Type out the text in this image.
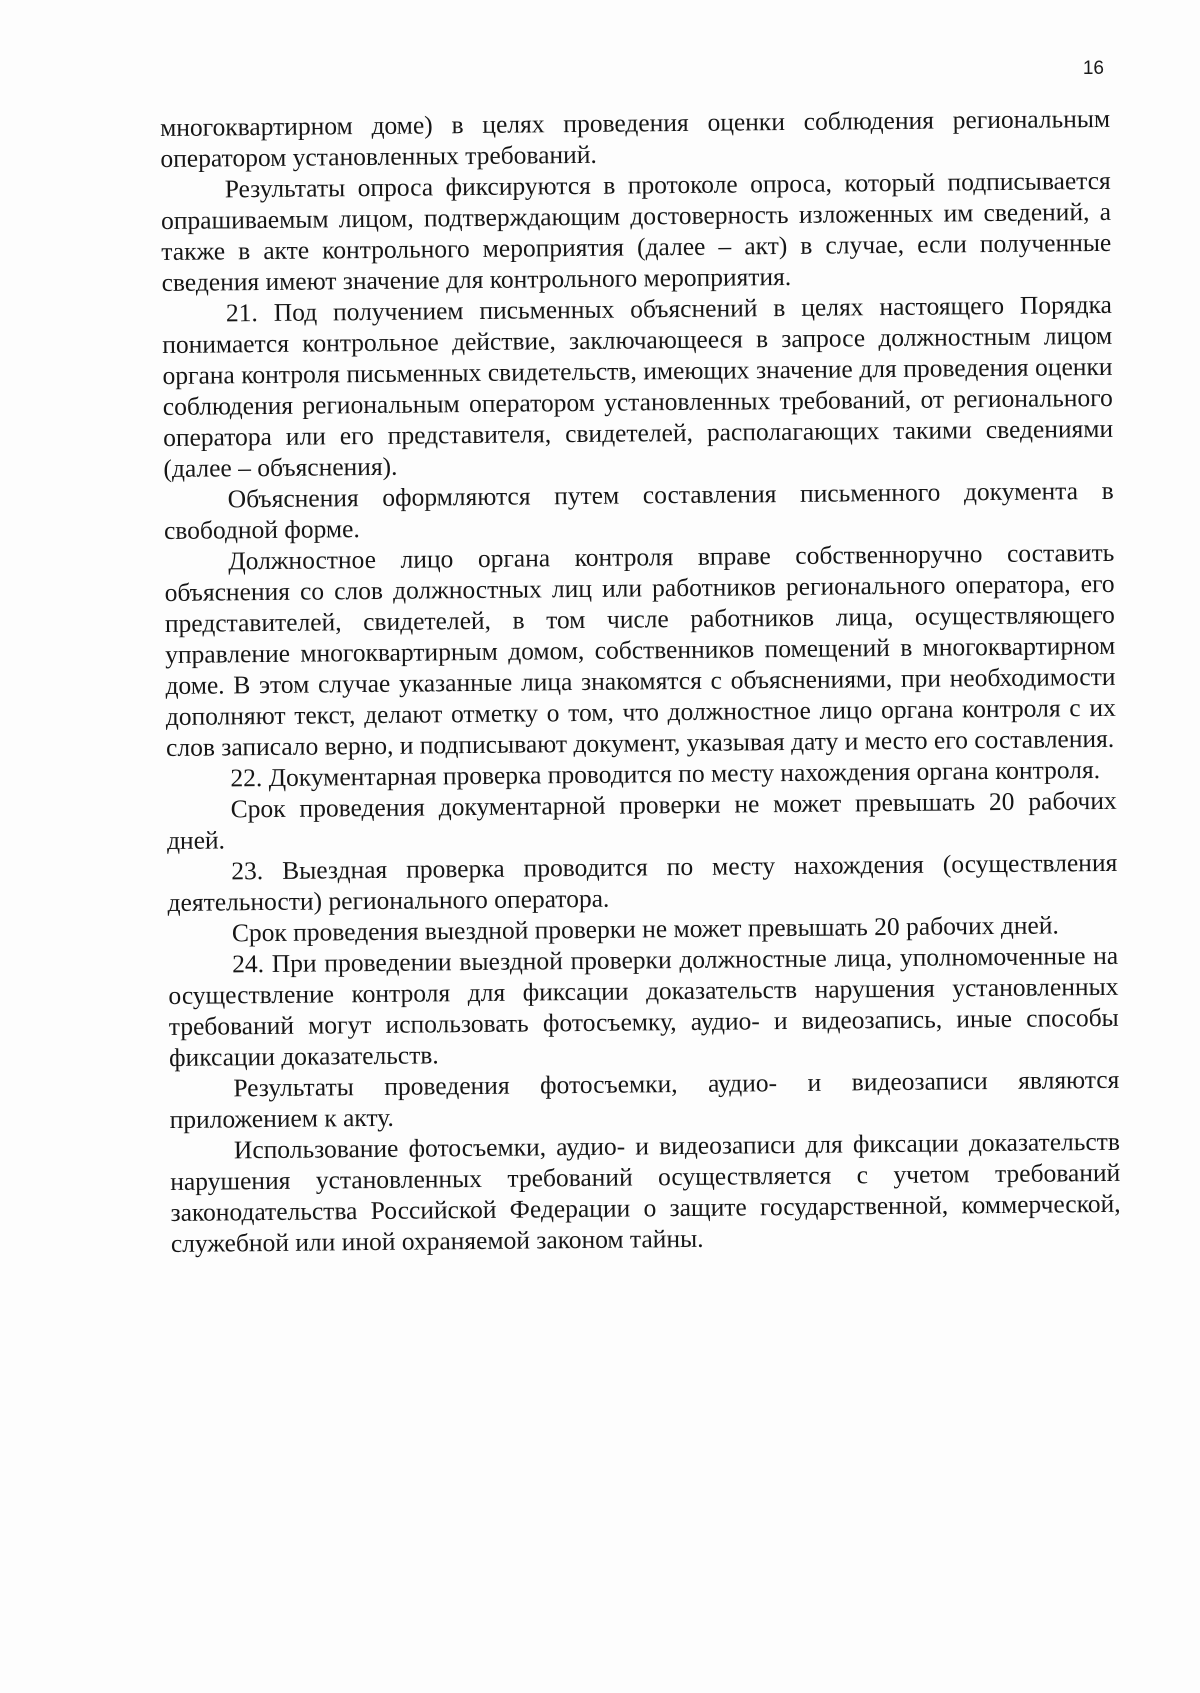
16

многоквартирном доме) в целях проведения оценки соблюдения региональным оператором установленных требований.

Результаты опроса фиксируются в протоколе опроса, который подписывается опрашиваемым лицом, подтверждающим достоверность изложенных им сведений, а также в акте контрольного мероприятия (далее – акт) в случае, если полученные сведения имеют значение для контрольного мероприятия.

21. Под получением письменных объяснений в целях настоящего Порядка понимается контрольное действие, заключающееся в запросе должностным лицом органа контроля письменных свидетельств, имеющих значение для проведения оценки соблюдения региональным оператором установленных требований, от регионального оператора или его представителя, свидетелей, располагающих такими сведениями (далее – объяснения).

Объяснения оформляются путем составления письменного документа в свободной форме.

Должностное лицо органа контроля вправе собственноручно составить объяснения со слов должностных лиц или работников регионального оператора, его представителей, свидетелей, в том числе работников лица, осуществляющего управление многоквартирным домом, собственников помещений в многоквартирном доме. В этом случае указанные лица знакомятся с объяснениями, при необходимости дополняют текст, делают отметку о том, что должностное лицо органа контроля с их слов записало верно, и подписывают документ, указывая дату и место его составления.

22. Документарная проверка проводится по месту нахождения органа контроля.

Срок проведения документарной проверки не может превышать 20 рабочих дней.

23. Выездная проверка проводится по месту нахождения (осуществления деятельности) регионального оператора.

Срок проведения выездной проверки не может превышать 20 рабочих дней.

24. При проведении выездной проверки должностные лица, уполномоченные на осуществление контроля для фиксации доказательств нарушения установленных требований могут использовать фотосъемку, аудио- и видеозапись, иные способы фиксации доказательств.

Результаты проведения фотосъемки, аудио- и видеозаписи являются приложением к акту.

Использование фотосъемки, аудио- и видеозаписи для фиксации доказательств нарушения установленных требований осуществляется с учетом требований законодательства Российской Федерации о защите государственной, коммерческой, служебной или иной охраняемой законом тайны.
